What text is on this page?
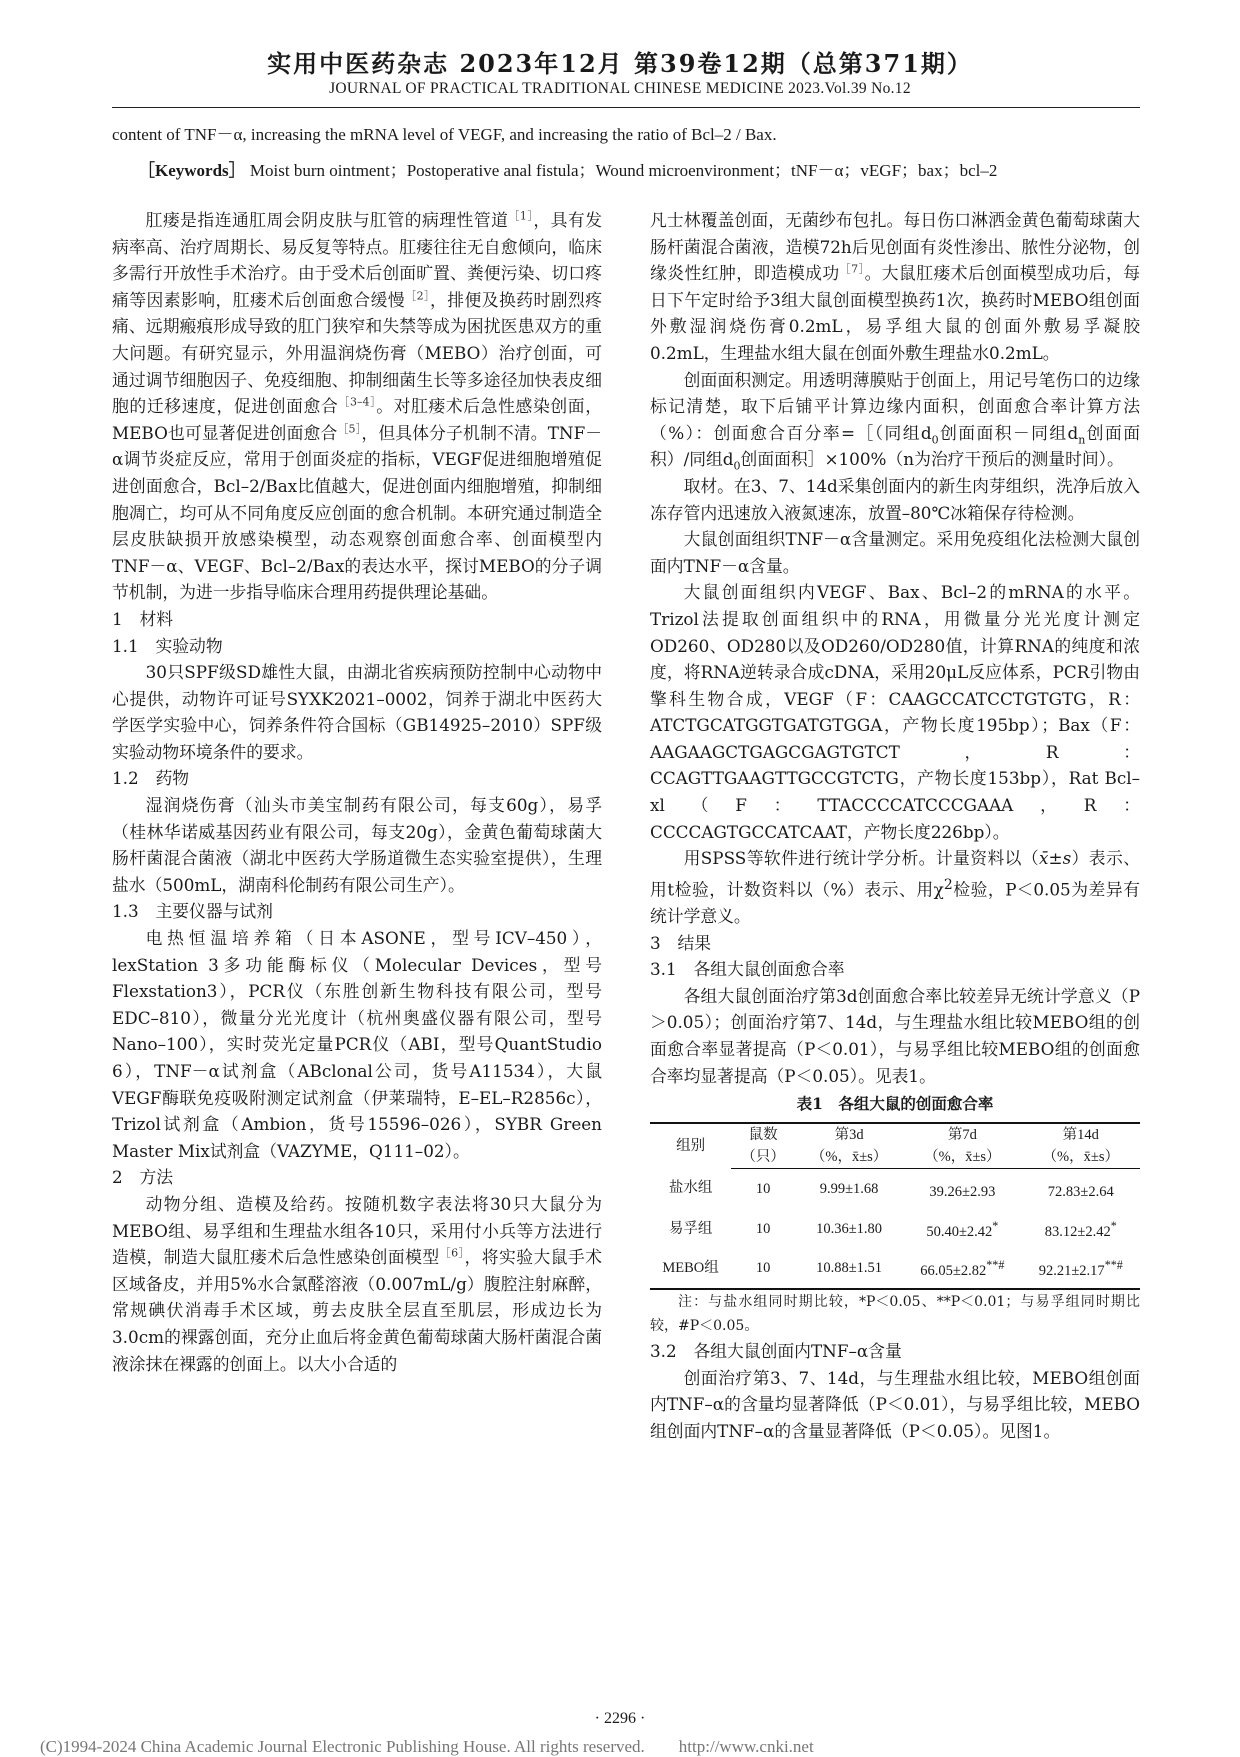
实用中医药杂志 2023年12月 第39卷12期（总第371期）
JOURNAL OF PRACTICAL TRADITIONAL CHINESE MEDICINE 2023.Vol.39 No.12
content of TNF－α, increasing the mRNA level of VEGF, and increasing the ratio of Bcl–2 / Bax.
［Keywords］ Moist burn ointment；Postoperative anal fistula；Wound microenvironment；tNF－α；vEGF；bax；bcl–2

肛瘘是指连通肛周会阴皮肤与肛管的病理性管道$^{[1]}$，具有发病率高、治疗周期长、易反复等特点。肛瘘往往无自愈倾向，临床多需行开放性手术治疗。由于受术后创面旷置、粪便污染、切口疼痛等因素影响，肛瘘术后创面愈合缓慢$^{[2]}$，排便及换药时剧烈疼痛、远期瘢痕形成导致的肛门狭窄和失禁等成为困扰医患双方的重大问题。有研究显示，外用温润烧伤膏（MEBO）治疗创面，可通过调节细胞因子、免疫细胞、抑制细菌生长等多途径加快表皮细胞的迁移速度，促进创面愈合$^{[3-4]}$。对肛瘘术后急性感染创面，MEBO也可显著促进创面愈合$^{[5]}$，但具体分子机制不清。TNF－α调节炎症反应，常用于创面炎症的指标，VEGF促进细胞增殖促进创面愈合，Bcl–2/Bax比值越大，促进创面内细胞增殖，抑制细胞凋亡，均可从不同角度反应创面的愈合机制。本研究通过制造全层皮肤缺损开放感染模型，动态观察创面愈合率、创面模型内TNF－α、VEGF、Bcl–2/Bax的表达水平，探讨MEBO的分子调节机制，为进一步指导临床合理用药提供理论基础。

1　材料

1.1　实验动物

30只SPF级SD雄性大鼠，由湖北省疾病预防控制中心动物中心提供，动物许可证号SYXK2021–0002，饲养于湖北中医药大学医学实验中心，饲养条件符合国标（GB14925–2010）SPF级实验动物环境条件的要求。

1.2　药物

湿润烧伤膏（汕头市美宝制药有限公司，每支60g），易孚（桂林华诺威基因药业有限公司，每支20g），金黄色葡萄球菌大肠杆菌混合菌液（湖北中医药大学肠道微生态实验室提供），生理盐水（500mL，湖南科伦制药有限公司生产）。

1.3　主要仪器与试剂

电热恒温培养箱（日本ASONE，型号ICV–450），lexStation 3多功能酶标仪（Molecular Devices，型号Flexstation3），PCR仪（东胜创新生物科技有限公司，型号EDC–810），微量分光光度计（杭州奥盛仪器有限公司，型号Nano–100），实时荧光定量PCR仪（ABI，型号QuantStudio 6），TNF－α试剂盒（ABclonal公司，货号A11534），大鼠VEGF酶联免疫吸附测定试剂盒（伊莱瑞特，E–EL–R2856c），Trizol试剂盒（Ambion，货号15596–026），SYBR Green Master Mix试剂盒（VAZYME，Q111–02）。

2　方法

动物分组、造模及给药。按随机数字表法将30只大鼠分为MEBO组、易孚组和生理盐水组各10只，采用付小兵等方法进行造模，制造大鼠肛瘘术后急性感染创面模型$^{[6]}$，将实验大鼠手术区域备皮，并用5%水合氯醛溶液（0.007mL/g）腹腔注射麻醉，常规碘伏消毒手术区域，剪去皮肤全层直至肌层，形成边长为3.0cm的裸露创面，充分止血后将金黄色葡萄球菌大肠杆菌混合菌液涂抹在裸露的创面上。以大小合适的

凡士林覆盖创面，无菌纱布包扎。每日伤口淋洒金黄色葡萄球菌大肠杆菌混合菌液，造模72h后见创面有炎性渗出、脓性分泌物，创缘炎性红肿，即造模成功$^{[7]}$。大鼠肛瘘术后创面模型成功后，每日下午定时给予3组大鼠创面模型换药1次，换药时MEBO组创面外敷湿润烧伤膏0.2mL，易孚组大鼠的创面外敷易孚凝胶0.2mL，生理盐水组大鼠在创面外敷生理盐水0.2mL。

创面面积测定。用透明薄膜贴于创面上，用记号笔伤口的边缘标记清楚，取下后铺平计算边缘内面积，创面愈合率计算方法（%）：创面愈合百分率=［（同组$d_0$创面面积－同组$d_n$创面面积）/同组$d_0$创面面积］×100%（n为治疗干预后的测量时间）。

取材。在3、7、14d采集创面内的新生肉芽组织，洗净后放入冻存管内迅速放入液氮速冻，放置–80℃冰箱保存待检测。

大鼠创面组织TNF－α含量测定。采用免疫组化法检测大鼠创面内TNF－α含量。

大鼠创面组织内VEGF、Bax、Bcl–2的mRNA的水平。Trizol法提取创面组织中的RNA，用微量分光光度计测定OD260、OD280以及OD260/OD280值，计算RNA的纯度和浓度，将RNA逆转录合成cDNA，采用20μL反应体系，PCR引物由擎科生物合成，VEGF（F：CAAGCCATCCTGTGTG，R：ATCTGCATGGTGATGTGGA，产物长度195bp）；Bax（F：AAGAAGCTGAGCGAGTGTCT，R：CCAGTTGAAGTTGCCGTCTG，产物长度153bp），Rat Bcl–xl（F：TTACCCCATCCCGAAA，R：CCCCAGTGCCATCAAT，产物长度226bp）。

用SPSS等软件进行统计学分析。计量资料以（x̄±s）表示、用t检验，计数资料以（%）表示、用$\chi^2$检验，P＜0.05为差异有统计学意义。

3　结果

3.1　各组大鼠创面愈合率

各组大鼠创面治疗第3d创面愈合率比较差异无统计学意义（P＞0.05）；创面治疗第7、14d，与生理盐水组比较MEBO组的创面愈合率显著提高（P＜0.01），与易孚组比较MEBO组的创面愈合率均显著提高（P＜0.05）。见表1。

表1　各组大鼠的创面愈合率
组别	鼠数	第3d	第7d	第14d
	（只）	（%，x̄±s）	（%，x̄±s）	（%，x̄±s）
盐水组	10	9.99±1.68	39.26±2.93	72.83±2.64
易孚组	10	10.36±1.80	50.40±2.42*	83.12±2.42*
MEBO组	10	10.88±1.51	66.05±2.82**#	92.21±2.17**#

注：与盐水组同时期比较，*P＜0.05、**P＜0.01；与易孚组同时期比较，#P＜0.05。

3.2　各组大鼠创面内TNF–α含量

创面治疗第3、7、14d，与生理盐水组比较，MEBO组创面内TNF–α的含量均显著降低（P＜0.01），与易孚组比较，MEBO组创面内TNF–α的含量显著降低（P＜0.05）。见图1。

· 2296 ·
(C)1994-2024 China Academic Journal Electronic Publishing House. All rights reserved.　　http://www.cnki.net
